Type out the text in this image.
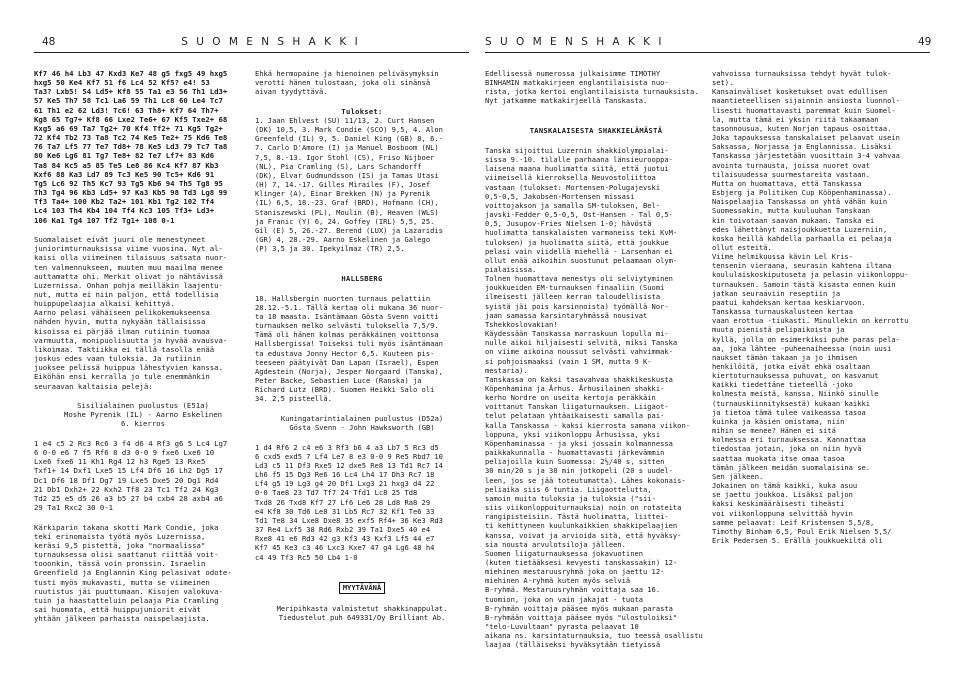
48	S U O M E N S H A K K I	S U O M E N S H A K K I	49

Kf7 46 h4 Lb3 47 Kxd3 Ke7 48 g5 fxg5 49 hxg5

hxg5 50 Ke4 Kf7 51 f6 Lc4 52 Kf5? e4! 53

Ta3? Lxb5! 54 Ld5+ Kf8 55 Ta1 e3 56 Th1 Ld3+

57 Ke5 Th7 58 Tc1 La6 59 Th1 Lc8 60 Le4 Tc7

61 Th1 e2 62 Ld3! Tc6! 63 Th8+ Kf7 64 Th7+

Kg8 65 Tg7+ Kf8 66 Lxe2 Te6+ 67 Kf5 Txe2+ 68

Kxg5 a6 69 Ta7 Tg2+ 70 Kf4 Tf2+ 71 Kg5 Tg2+

72 Kf4 Tb2 73 Ta8 Tc2 74 Ke5 Te2+ 75 Kd6 Te8

76 Ta7 Lf5 77 Te7 Td8+ 78 Ke5 Ld3 79 Tc7 Ta8

80 Ke6 Lg6 81 Tg7 Te8+ 82 Te7 Lf7+ 83 Kd6

Ta8 84 Kc5 a5 85 Te5 Le8 86 Kc4 Kf7 87 Kb3

Kxf6 88 Ka3 Ld7 89 Tc3 Ke5 90 Tc5+ Kd6 91

Tg5 Lc6 92 Th5 Kc7 93 Tg5 Kb6 94 Th5 Tg8 95

Th3 Tg4 96 Kb3 Ld5+ 97 Ka3 Kb5 98 Td3 Lg8 99

Tf3 Ta4+ 100 Kb2 Ta2+ 101 Kb1 Tg2 102 Tf4

Lc4 103 Th4 Kb4 104 Tf4 Kc3 105 Tf3+ Ld3+

106 Ka1 Tg4 107 Tf2 Tg1+ 108 0-1

Suomalaiset eivät juuri ole menestyneet

juniorimturnauksissa viime vuosina. Nyt al-

kaisi olla viimeinen tilaisuus satsata nuor-

ten valmennukseen, muuten muu maailma menee

auttamatta ohi. Merkit olivat jo nähtävissä

Luzernissa. Onhan pohja meilläkin laajentu-

nut, mutta ei niin paljon, että todellisia

huippupelaajia alkaisi kehittyä.

Aarno pelasi vähäiseen pelikokemukseensa

nähden hyvin, mutta nykyään tällaisissa

kisoissa ei pärjää ilman rutiinin tuomaa

varmuutta, monipuolisuutta ja hyvää avausva-

likoimaa. Taktiikka ei tällä tasolla enää

joskus edes vaan tuloksia. Ja rutiinin

juoksee pelissä huippua lähestyvien kanssa.

Eiköhän ensi kerralla jo tule enemmänkin

seuraavan kaltaisia pelejä:

Sisilialainen puolustus (E51a)

Moshe Pyrenik (IL) - Aarno Eskelinen

6. kierros

1 e4 c5 2 Rc3 Rc6 3 f4 d6 4 Rf3 g6 5 Lc4 Lg7

6 0-0 e6 7 f5 Rf6 8 d3 0-0 9 fxe6 Lxe6 10

Lxe6 fxe6 11 Kh1 Rg4 12 h3 Rge5 13 Rxe5

Txf1+ 14 Dxf1 Lxe5 15 Lf4 Df6 16 Lh2 Dg5 17

Dc1 Df6 18 Df1 Dg7 19 Lxe5 Dxe5 20 Dg1 Rd4

21 Db1 Dxh2+ 22 Kxh2 Tf8 23 Tc1 Tf2 24 Kg3

Td2 25 e5 d5 26 a3 b5 27 b4 cxb4 28 axb4 a6

29 Ta1 Rxc2 30 0-1

Kärkiparin takana skotti Mark Condie, joka

teki erinomaista työtä myös Luzernissa,

keräsi 9,5 pistettä, joka "normaalissa"

turnauksessa olisi saattanut riittää voit-

tooonkin, tässä voin pronssin. Israelin

Greenfield ja Englannin King pelasivat odote-

tusti myös mukavasti, mutta se viimeinen

ruutistus jäi puuttumaan. Kisojen valokuva-

tuin ja haastatteluin pelaaja Pia Cramling

sai huomata, että huippujuniorit eivät

yhtään jälkeen parhaista naispelaajista.

Ehkä hermopaine ja hienoinen peliväsymyksin

verotti hänen tulostaan, joka oli sinänsä

aivan tyydyttävä.

Tulokset:

1. Jaan Ehlvest (SU) 11/13, 2. Curt Hansen

(DK) 10,5, 3. Mark Condie (SCO) 9,5, 4. Alon

Greenfeld (IL) 9, 5. Daniel King (GB) 8, 6.-

7. Carlo D'Amore (I) ja Manuel Bosboom (NL)

7,5, 8.-13. Igor Stohl (CS), Friso Nijboer

(NL), Pia Cramling (S), Lars Schandorff

(DK), Elvar Gudmundsson (IS) ja Tamas Utasi

(H) 7, 14.-17. Gilles Mirailes (F), Josef

Klinger (A), Einar Brekken (N) ja Pyrenik

(IL) 6,5, 18.-23. Graf (BRD), Hofmann (CH),

Staniszewski (PL), Moulin (B), Heaven (WLS)

ja Franic (Y) 6, 24. Goffey (IRL) 5,5, 25.

Gil (E) 5, 26.-27. Berend (LUX) ja Lazaridis

(GR) 4, 28.-29. Aarno Eskelinen ja Galego

(P) 3,5 ja 30. Ipekyilmaz (TR) 2,5.

HALLSBERG

18. Hallsbergin nuorten turnaus pelattiin

28.12.-5.1. Tällä kertaa oli mukana 36 nuor-

ta 18 maasta. Isäntämaan Gösta Svenn voitti

turnauksen melko selvästi tuloksella 7,5/9.

Tämä oli hänen kolmas peräkkäinen voittonsa

Hallsbergissa! Toiseksi tuli myös isäntämaan

ta edustava Jonny Hector 6,5. Kuuteen pis-

teeseen päätyivät Dan Lapan (Israel), Espen

Agdestein (Norja), Jesper Norgaard (Tanska),

Peter Backe, Sebastien Luce (Ranska) ja

Richard Lutz (BRD). Suomen Heikki Salo oli

34. 2,5 pisteellä.

Kuningatarintialainen puolustus (D52a)

Gösta Svenn - John Hawksworth (GB)

1 d4 Rf6 2 c4 e6 3 Rf3 b6 4 a3 Lb7 5 Rc3 d5

6 cxd5 exd5 7 Lf4 Le7 8 e3 0-0 9 Re5 Rbd7 10

Ld3 c5 11 Df3 Rxe5 12 dxe5 Re8 13 Td1 Rc7 14

Lh6 f5 15 Dg3 Re6 16 Lc4 Lh4 17 Dh3 Rc7 18

Lf4 g5 19 Lg3 g4 20 Df1 Lxg3 21 hxg3 d4 22

0-0 Tae8 23 Td7 Tf7 24 Tfd1 Lc8 25 Td8

Txd8 26 Txd8 Kf7 27 Lf6 Le6 28 Ld8 Ra8 29

e4 Kf8 30 Td6 Le8 31 Lb5 Rc7 32 Kf1 Te6 33

Td1 Te8 34 Lxe8 Dxe8 35 exf5 Rf4+ 36 Ke3 Rd3

37 Re4 Lxf5 38 Rd6 Rxb2 39 Ta1 Dxe5 40 e4

Rxe8 41 e6 Rd3 42 g3 Kf3 43 Kxf3 Lf5 44 e7

Kf7 45 Ke3 c3 46 Lxc3 Kxe7 47 g4 Lg6 48 h4

c4 49 Tf3 Rc5 50 Lb4 1-0

MYYTÄVÄNÄ

Meripihkasta valmistetut shakkinappulat.

Tiedustelut puh 649331/Oy Brilliant Ab.

Edellisessä numerossa julkaisimme TIMOTHY

BINHAMIN matkakirjeen englantilaisista nuo-

rista, jotka kertoi englantilaisista turnauksista.

Nyt jatkamme matkakirjeellä Tanskasta.

TANSKALAISESTA SHAKKIELÄMÄSTÄ

Tanska sijoittui Luzernin shakkiolympialai-

sissa 9.-10. tilalle parhaana länsieurooppa-

laisena maana huolimatta siitä, että juotui

viimeisellä kierroksella Neuvostoliittoa

vastaan (tulokset: Mortensen-Polugajevski

0,5-0,5, Jakobsen-Mortensen missasi

voittojakson ja samalla SM-tuloksen, Bel-

javski-Fedder 0,5-0,5, Ost-Hansen - Tal 0,5-

0,5, Jusupov-Fries Nielsen 1-0; hävöstä

huolimatta tanskalaisten varmaneiss teki KvM-

tuloksen) ja huolimatta siitä, että joukkue

pelasi vain viidellä miehellä - Larsenhan ei

ollut enää aikoihin suostunut pelaamaan olym-

pialaisissa.

Tolnen huomattava menestys oli selviytyminen

joukkueiden EM-turnauksen finaaliin (Suomi

ilmeisesti jälleen kerran taloudellisista

syistä jäi pois karsinnoista) työmällä Nor-

jaan samassa karsintaryhmässä nousivat

Tshekkoslovakian!

Käydessään Tanskassa marraskuun lopulla mi-

nulle aikoi hiljaisesti selvitä, miksi Tanska

on viime aikoina noussut selvästi vahvimmak-

si pohjoismaaksi (vain 1 SM, mutta 9 K-

mestaria).

Tanskassa on kaksi tasavahvaa shakkikeskusta

Köpenhamina ja Århus. Århusilainen shakki-

kerho Nordre on useita kertoja peräkkäin

voittanut Tanskan liigaturnauksen. Liigaot-

telut pelataan yhtäaikaisesti samalla pai-

kalla Tanskassa - kaksi kierrosta samana viikon-

loppuna, yksi viikonloppu Århusissa, yksi

Köpenhaminassa - ja yksi jossain kolmannessa

paikkakunnalla - huomattavasti järkevämmin

peliajoilla kuin Suomessa: 2½/40 s, sitten

30 min/20 s ja 30 min jotkopeli (20 s uudel-

leen, jos se jää toteutumatta). Lähes kokonais-

peliaika siis 6 tuntia. Liigaottelutta,

samoin muita tuloksia ja tuloksia ("sii-

siis viikonloppuiturnauksia) noin on rotateita

rangipisteisiin. Tästä huolimatta, liittei-

ti kehittyneen kuulunkaikkien shakkipelaajien

kanssa, voivat ja arvioida sitä, että hyväksy-

sia nousta arvulotsiloja jälleen.

Suomen liigaturnauksessa jokavuotinen

(kuten tietääksesi kevyesti tanskassakin) 12-

miehinen mestaruusryhmä joka on jaettu 12-

miehinen A-ryhmä kuten myös selviä

B-ryhmä. Mestaruusryhmän voittaja saa 16.

tuomion, joka on vain jakajat - tuota

B-ryhmän voittaja pääsee myös mukaan parasta

B-ryhmään voittaja pääsee myös "ulostuloiksi"

"telo-Luvultaan" pyrasta pelaavat 10

aikana ns. karsintaturnauksia, tuo teessä osallistu

laajaa (tälläiseksi hyväksytään tietyissä

vahvoissa turnauksissa tehdyt hyvät tulok-

set).

Kansainväliset kosketukset ovat edullisen

maantieteellisen sijainnin ansiosta luonnol-

lisesti huomattavasti paremmat kuin Suomel-

la, mutta tämä ei yksin riitä takaamaan

tasonnousua, kuten Norjan tapaus osoittaa.

Joka tapauksessa tanskalaiset pelaavat usein

Saksassa, Norjassa ja Englannissa. Lisäksi

Tanskassa järjestetään vuosittain 3-4 vahvaa

avointa turnausta, joissa nuoret ovat

tilaisuudessa suurmestareita vastaan.

Mutta on huomattava, että Tanskassa

Esbjerg ja Politiken Cup Kööpenhaminassa).

Naispelaajia Tanskassa on yhtä vähän kuin

Suomessakin, mutta kuuluuhan Tanskaan

kin toivotaan saavan mukaan. Tanska ei

edes lähettänyt naisjoukkuetta Luzerniin,

koska heillä kahdella parhaalla ei pelaaja

ollut esteitä.

Viime helmikuussa kävin Lel Kris-

tensenin vieraana, seurasin kahtena iltana

koululaiskoskiputuseta ja pelasin viikonloppu-

turnauksen. Samoin tästä kisasta ennen kuin

jatkan seuraaviin reseptiin ja

paatui kahdeksan kertaa keskiarvoon.

Tanskassa turnauskalusteen kertaa

vaan erottua -tiukasti. Minullekin on kerrottu

muuta pienistä pelipaikoista ja

kyllä, jolla on esimerkiksi puhe paras pela-

aa, joka lähtee -puheenaiheessa (noin uusi

naukset tämän takaan ja jo ihmisen

henkilöitä, jotka eivät ehkä osaltaan

kiertoturnauksessa puhuvat, on kasvanut

kaikki tiedettäne tieteellä -joko

kolmesta meistä, kanssa. Niinkö sinulle

(turnauskiinnityksestä) kukaan kaikki

ja tietoa tämä tulee vaikeassa tasoa

kuinka ja käsien omistama, niin

mihin se menee? Hänen ei sitä

kolmessa eri turnauksessa. Kannattaa

tiedostaa jotain, joka on niin hyvä

saattaa muokata itse omaa tasoa

tämän jälkeen meidän suomalaisina se.

Sen jälkeen.

Jokainen on tämä kaikki, kuka asuu

se jaettu joukkoa. Lisäksi paljon

kaksi keskimääräisesti tiheästi

voi viikonloppuna selvittää hyvin

samme pelaavat: Leif Kristensen 5,5/8,

Timothy Binham 6,5, Poul Erik Nielsen 5,5/

Erik Pedersen 5. Erällä joukkuekiltä oli
